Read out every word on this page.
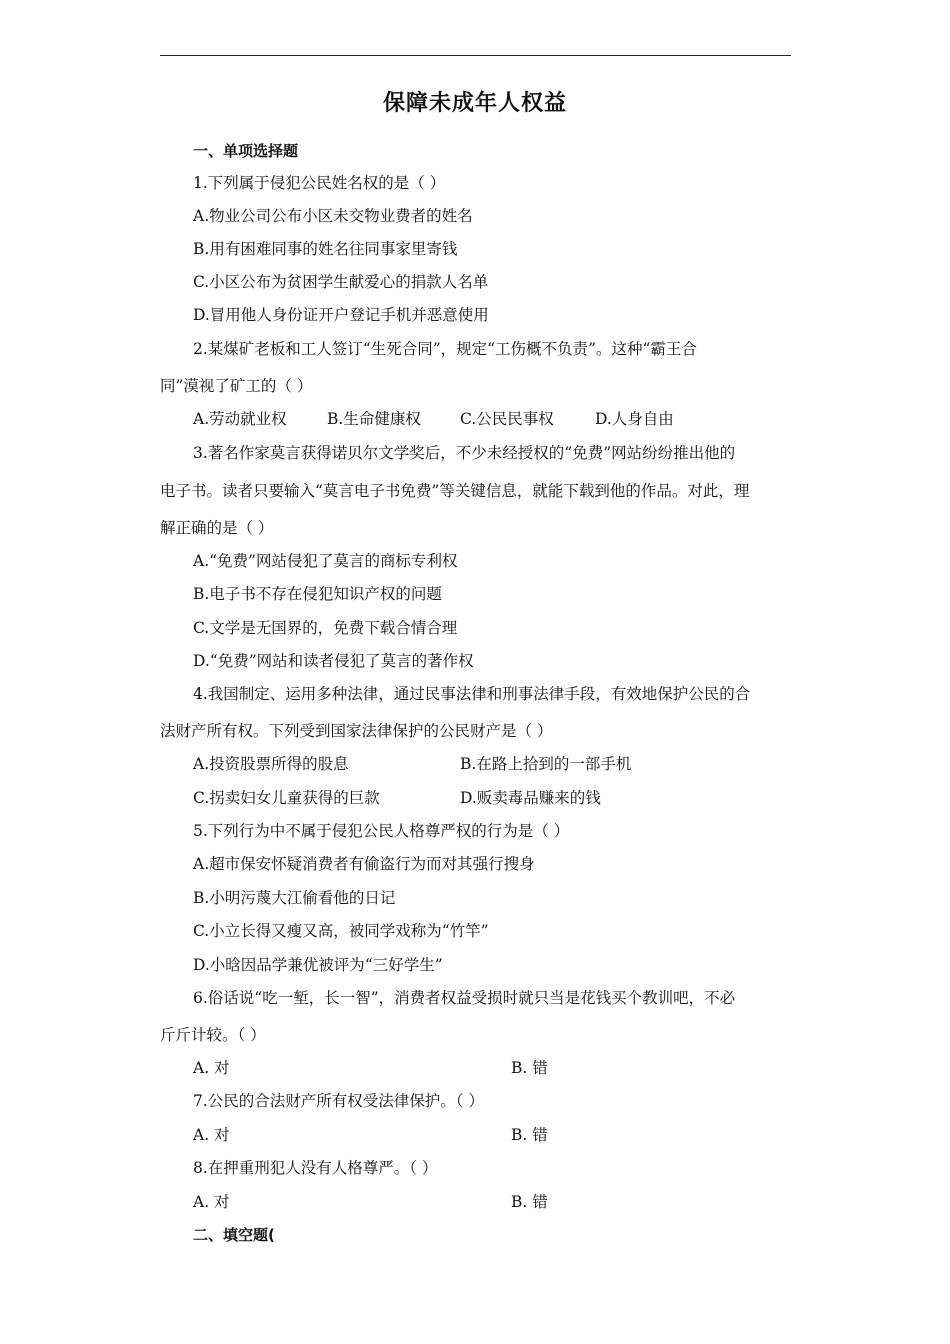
保障未成年人权益
一、单项选择题
1.下列属于侵犯公民姓名权的是（ ）
A.物业公司公布小区未交物业费者的姓名
B.用有困难同事的姓名往同事家里寄钱
C.小区公布为贫困学生献爱心的捐款人名单
D.冒用他人身份证开户登记手机并恶意使用
2.某煤矿老板和工人签订“生死合同”，规定“工伤概不负责”。这种“霸王合
同”漠视了矿工的（ ）
A.劳动就业权	B.生命健康权	C.公民民事权	D.人身自由
3.著名作家莫言获得诺贝尔文学奖后，不少未经授权的“免费”网站纷纷推出他的
电子书。读者只要输入“莫言电子书免费”等关键信息，就能下载到他的作品。对此，理
解正确的是（ ）
A.“免费”网站侵犯了莫言的商标专利权
B.电子书不存在侵犯知识产权的问题
C.文学是无国界的，免费下载合情合理
D.“免费”网站和读者侵犯了莫言的著作权
4.我国制定、运用多种法律，通过民事法律和刑事法律手段，有效地保护公民的合
法财产所有权。下列受到国家法律保护的公民财产是（ ）
A.投资股票所得的股息	B.在路上拾到的一部手机
C.拐卖妇女儿童获得的巨款	D.贩卖毒品赚来的钱
5.下列行为中不属于侵犯公民人格尊严权的行为是（ ）
A.超市保安怀疑消费者有偷盗行为而对其强行搜身
B.小明污蔑大江偷看他的日记
C.小立长得又瘦又高，被同学戏称为“竹竿”
D.小晗因品学兼优被评为“三好学生”
6.俗话说“吃一堑，长一智”，消费者权益受损时就只当是花钱买个教训吧，不必
斤斤计较。（ ）
A. 对	B. 错
7.公民的合法财产所有权受法律保护。（ ）
A. 对	B. 错
8.在押重刑犯人没有人格尊严。（ ）
A. 对	B. 错
二、填空题(
